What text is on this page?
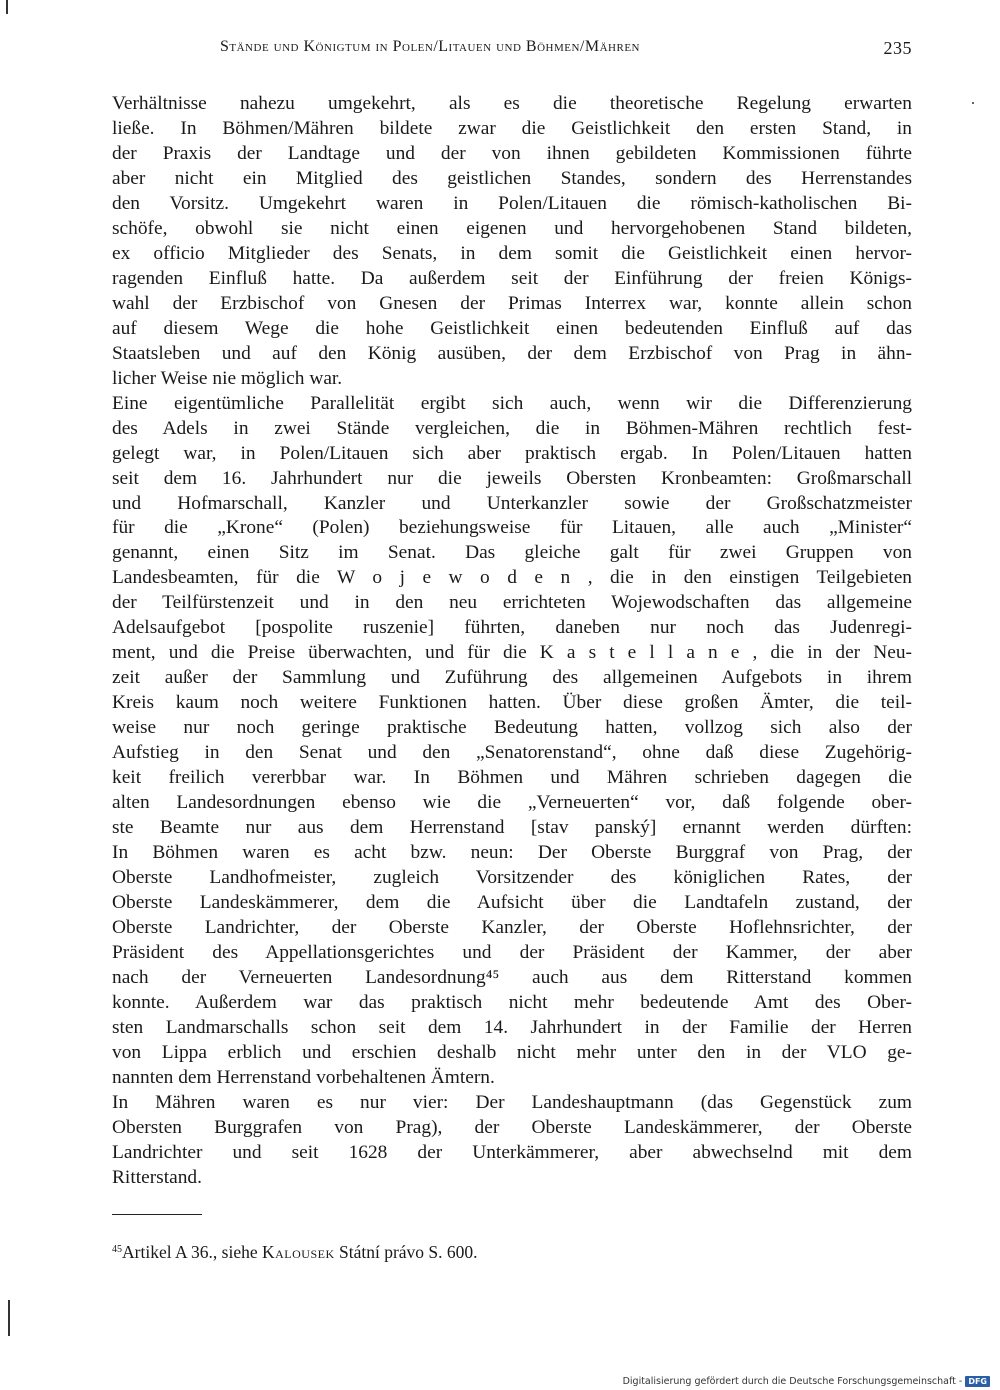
Stände und Königtum in Polen/Litauen und Böhmen/Mähren	235
Verhältnisse nahezu umgekehrt, als es die theoretische Regelung erwarten
ließe. In Böhmen/Mähren bildete zwar die Geistlichkeit den ersten Stand, in
der Praxis der Landtage und der von ihnen gebildeten Kommissionen führte
aber nicht ein Mitglied des geistlichen Standes, sondern des Herrenstandes
den Vorsitz. Umgekehrt waren in Polen/Litauen die römisch-katholischen Bi-
schöfe, obwohl sie nicht einen eigenen und hervorgehobenen Stand bildeten,
ex officio Mitglieder des Senats, in dem somit die Geistlichkeit einen hervor-
ragenden Einfluß hatte. Da außerdem seit der Einführung der freien Königs-
wahl der Erzbischof von Gnesen der Primas Interrex war, konnte allein schon
auf diesem Wege die hohe Geistlichkeit einen bedeutenden Einfluß auf das
Staatsleben und auf den König ausüben, der dem Erzbischof von Prag in ähn-
licher Weise nie möglich war.
Eine eigentümliche Parallelität ergibt sich auch, wenn wir die Differenzierung
des Adels in zwei Stände vergleichen, die in Böhmen-Mähren rechtlich fest-
gelegt war, in Polen/Litauen sich aber praktisch ergab. In Polen/Litauen hatten
seit dem 16. Jahrhundert nur die jeweils Obersten Kronbeamten: Großmarschall
und Hofmarschall, Kanzler und Unterkanzler sowie der Großschatzmeister
für die „Krone“ (Polen) beziehungsweise für Litauen, alle auch „Minister“
genannt, einen Sitz im Senat. Das gleiche galt für zwei Gruppen von
Landesbeamten, für die W o j e w o d e n , die in den einstigen Teilgebieten
der Teilfürstenzeit und in den neu errichteten Wojewodschaften das allgemeine
Adelsaufgebot [pospolite ruszenie] führten, daneben nur noch das Judenregi-
ment, und die Preise überwachten, und für die K a s t e l l a n e , die in der Neu-
zeit außer der Sammlung und Zuführung des allgemeinen Aufgebots in ihrem
Kreis kaum noch weitere Funktionen hatten. Über diese großen Ämter, die teil-
weise nur noch geringe praktische Bedeutung hatten, vollzog sich also der
Aufstieg in den Senat und den „Senatorenstand“, ohne daß diese Zugehörig-
keit freilich vererbbar war. In Böhmen und Mähren schrieben dagegen die
alten Landesordnungen ebenso wie die „Verneuerten“ vor, daß folgende ober-
ste Beamte nur aus dem Herrenstand [stav panský] ernannt werden dürften:
In Böhmen waren es acht bzw. neun: Der Oberste Burggraf von Prag, der
Oberste Landhofmeister, zugleich Vorsitzender des königlichen Rates, der
Oberste Landeskämmerer, dem die Aufsicht über die Landtafeln zustand, der
Oberste Landrichter, der Oberste Kanzler, der Oberste Hoflehnsrichter, der
Präsident des Appellationsgerichtes und der Präsident der Kammer, der aber
nach der Verneuerten Landesordnung⁴⁵ auch aus dem Ritterstand kommen
konnte. Außerdem war das praktisch nicht mehr bedeutende Amt des Ober-
sten Landmarschalls schon seit dem 14. Jahrhundert in der Familie der Herren
von Lippa erblich und erschien deshalb nicht mehr unter den in der VLO ge-
nannten dem Herrenstand vorbehaltenen Ämtern.
In Mähren waren es nur vier: Der Landeshauptmann (das Gegenstück zum
Obersten Burggrafen von Prag), der Oberste Landeskämmerer, der Oberste
Landrichter und seit 1628 der Unterkämmerer, aber abwechselnd mit dem
Ritterstand.
$^{45}$Artikel A 36., siehe Kalousek Státní právo S. 600.
Digitalisierung gefördert durch die Deutsche Forschungsgemeinschaft - DFG
